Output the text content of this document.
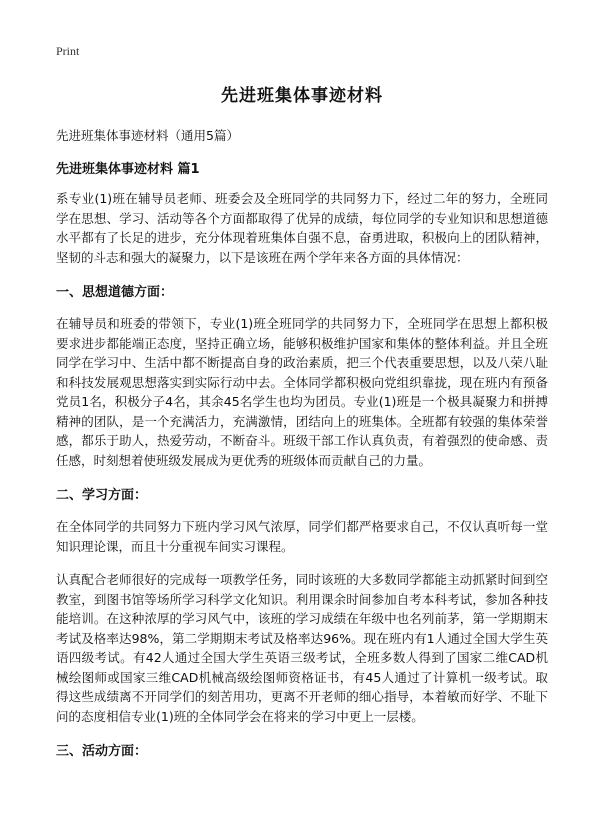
Print
先进班集体事迹材料
先进班集体事迹材料（通用5篇）
先进班集体事迹材料 篇1

系专业(1)班在辅导员老师、班委会及全班同学的共同努力下，经过二年的努力，全班同学在思想、学习、活动等各个方面都取得了优异的成绩，每位同学的专业知识和思想道德水平都有了长足的进步，充分体现着班集体自强不息，奋勇进取，积极向上的团队精神，坚韧的斗志和强大的凝聚力，以下是该班在两个学年来各方面的具体情况：

一、思想道德方面：

在辅导员和班委的带领下，专业(1)班全班同学的共同努力下，全班同学在思想上都积极要求进步都能端正态度，坚持正确立场，能够积极维护国家和集体的整体利益。并且全班同学在学习中、生活中都不断提高自身的政治素质，把三个代表重要思想，以及八荣八耻和科技发展观思想落实到实际行动中去。全体同学都积极向党组织靠拢，现在班内有预备党员1名，积极分子4名，其余45名学生也均为团员。专业(1)班是一个极具凝聚力和拼搏精神的团队，是一个充满活力，充满激情，团结向上的班集体。全班都有较强的集体荣誉感，都乐于助人，热爱劳动，不断奋斗。班级干部工作认真负责，有着强烈的使命感、责任感，时刻想着使班级发展成为更优秀的班级体而贡献自己的力量。

二、学习方面：

在全体同学的共同努力下班内学习风气浓厚，同学们都严格要求自己，不仅认真听每一堂知识理论课，而且十分重视车间实习课程。

认真配合老师很好的完成每一项教学任务，同时该班的大多数同学都能主动抓紧时间到空教室，到图书馆等场所学习科学文化知识。利用课余时间参加自考本科考试，参加各种技能培训。在这种浓厚的学习风气中，该班的学习成绩在年级中也名列前茅，第一学期期末考试及格率达98%，第二学期期末考试及格率达96%。现在班内有1人通过全国大学生英语四级考试。有42人通过全国大学生英语三级考试，全班多数人得到了国家二维CAD机械绘图师或国家三维CAD机械高级绘图师资格证书，有45人通过了计算机一级考试。取得这些成绩离不开同学们的刻苦用功，更离不开老师的细心指导，本着敏而好学、不耻下问的态度相信专业(1)班的全体同学会在将来的学习中更上一层楼。

三、活动方面：
